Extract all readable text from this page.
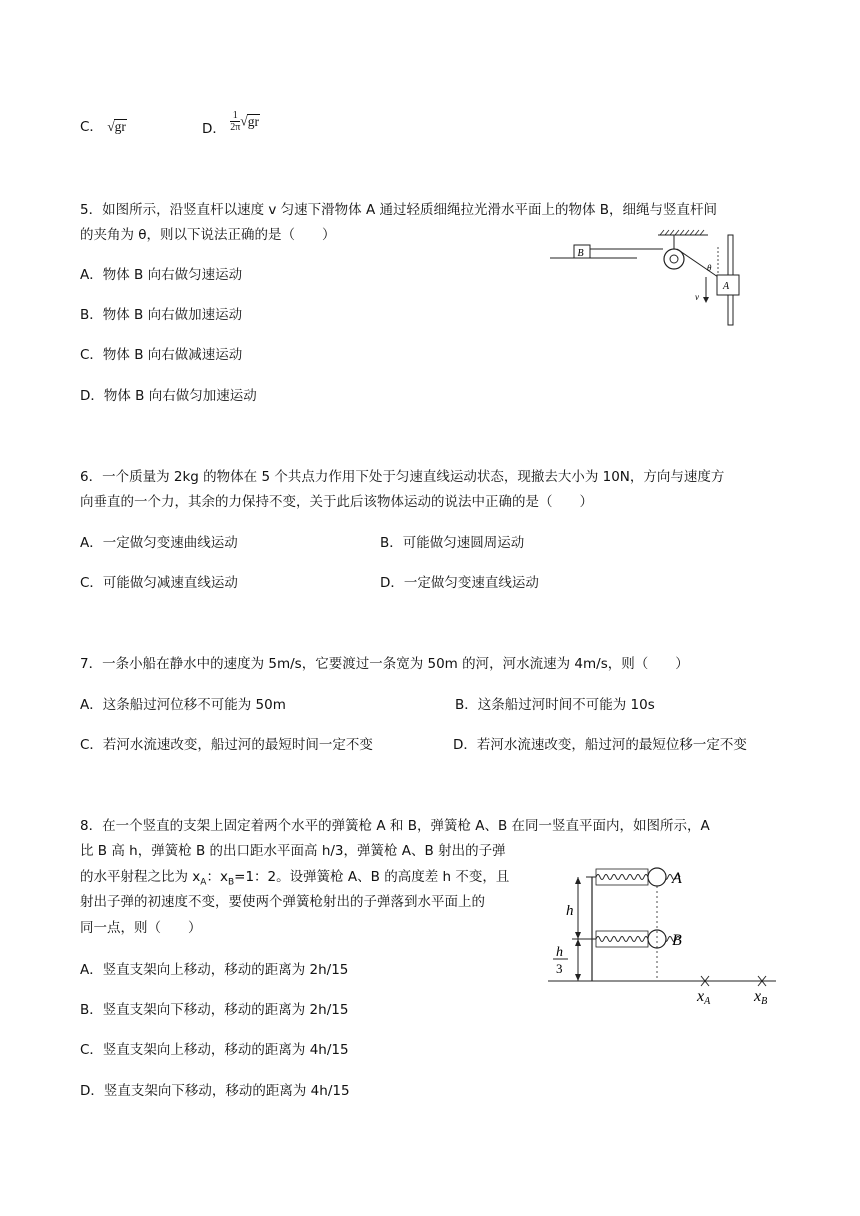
C． √gr	D． $\frac{1}{2\pi} √gr$
5．如图所示，沿竖直杆以速度 v 匀速下滑物体 A 通过轻质细绳拉光滑水平面上的物体 B，细绳与竖直杆间
的夹角为 θ，则以下说法正确的是（　　）
A．物体 B 向右做匀速运动
B．物体 B 向右做加速运动
C．物体 B 向右做减速运动
D．物体 B 向右做匀加速运动
B
θ
A
v
6．一个质量为 2kg 的物体在 5 个共点力作用下处于匀速直线运动状态，现撤去大小为 10N，方向与速度方
向垂直的一个力，其余的力保持不变，关于此后该物体运动的说法中正确的是（　　）
A．一定做匀变速曲线运动	B．可能做匀速圆周运动
C．可能做匀减速直线运动	D．一定做匀变速直线运动
7．一条小船在静水中的速度为 5m/s，它要渡过一条宽为 50m 的河，河水流速为 4m/s，则（　　）
A．这条船过河位移不可能为 50m	B．这条船过河时间不可能为 10s
C．若河水流速改变，船过河的最短时间一定不变	D．若河水流速改变，船过河的最短位移一定不变
8．在一个竖直的支架上固定着两个水平的弹簧枪 A 和 B，弹簧枪 A、B 在同一竖直平面内，如图所示，A
比 B 高 h，弹簧枪 B 的出口距水平面高 h/3，弹簧枪 A、B 射出的子弹
的水平射程之比为 $x_A$：$x_B=1$：2。设弹簧枪 A、B 的高度差 h 不变，且
射出子弹的初速度不变，要使两个弹簧枪射出的子弹落到水平面上的
同一点，则（　　）
A．竖直支架向上移动，移动的距离为 2h/15
B．竖直支架向下移动，移动的距离为 2h/15
C．竖直支架向上移动，移动的距离为 4h/15
D．竖直支架向下移动，移动的距离为 4h/15
h
h
3
A
B
xA	xB
